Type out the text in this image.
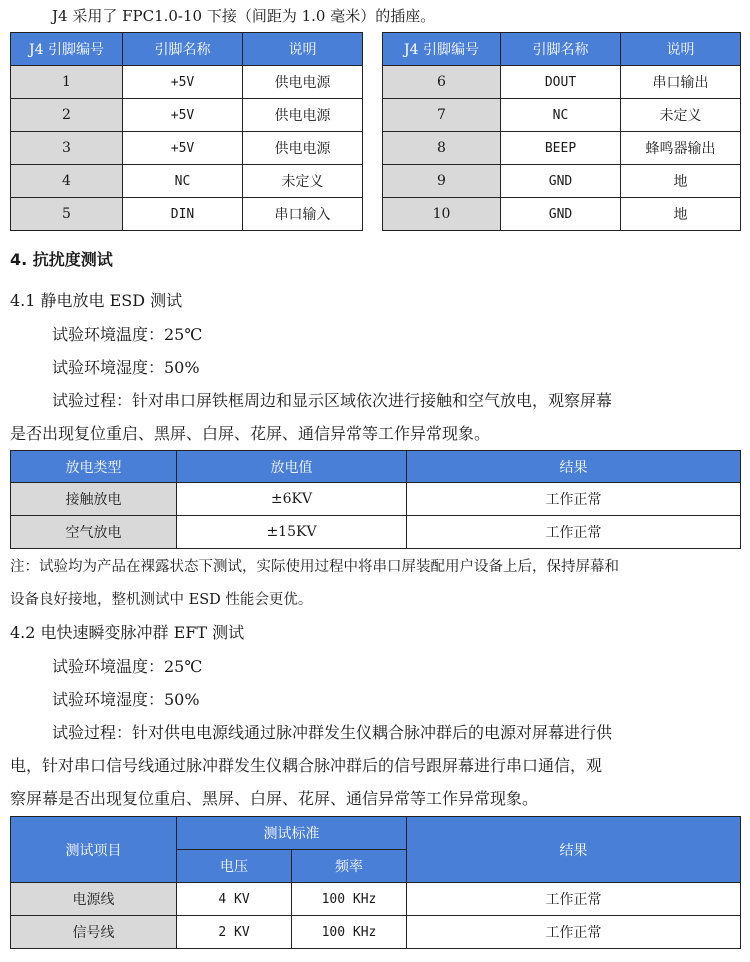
J4 采用了 FPC1.0-10 下接（间距为 1.0 毫米）的插座。
J4 引脚编号	引脚名称	说明
1	+5V	供电电源
2	+5V	供电电源
3	+5V	供电电源
4	NC	未定义
5	DIN	串口输入
J4 引脚编号	引脚名称	说明
6	DOUT	串口输出
7	NC	未定义
8	BEEP	蜂鸣器输出
9	GND	地
10	GND	地
4. 抗扰度测试
4.1 静电放电 ESD 测试
试验环境温度：25℃
试验环境湿度：50%
试验过程：针对串口屏铁框周边和显示区域依次进行接触和空气放电，观察屏幕
是否出现复位重启、黑屏、白屏、花屏、通信异常等工作异常现象。
放电类型	放电值	结果
接触放电	±6KV	工作正常
空气放电	±15KV	工作正常
注：试验均为产品在裸露状态下测试，实际使用过程中将串口屏装配用户设备上后，保持屏幕和
设备良好接地，整机测试中 ESD 性能会更优。
4.2 电快速瞬变脉冲群 EFT 测试
试验环境温度：25℃
试验环境湿度：50%
试验过程：针对供电电源线通过脉冲群发生仪耦合脉冲群后的电源对屏幕进行供
电，针对串口信号线通过脉冲群发生仪耦合脉冲群后的信号跟屏幕进行串口通信，观
察屏幕是否出现复位重启、黑屏、白屏、花屏、通信异常等工作异常现象。
测试项目	测试标准		结果
	电压	频率	
电源线	4 KV	100 KHz	工作正常
信号线	2 KV	100 KHz	工作正常
